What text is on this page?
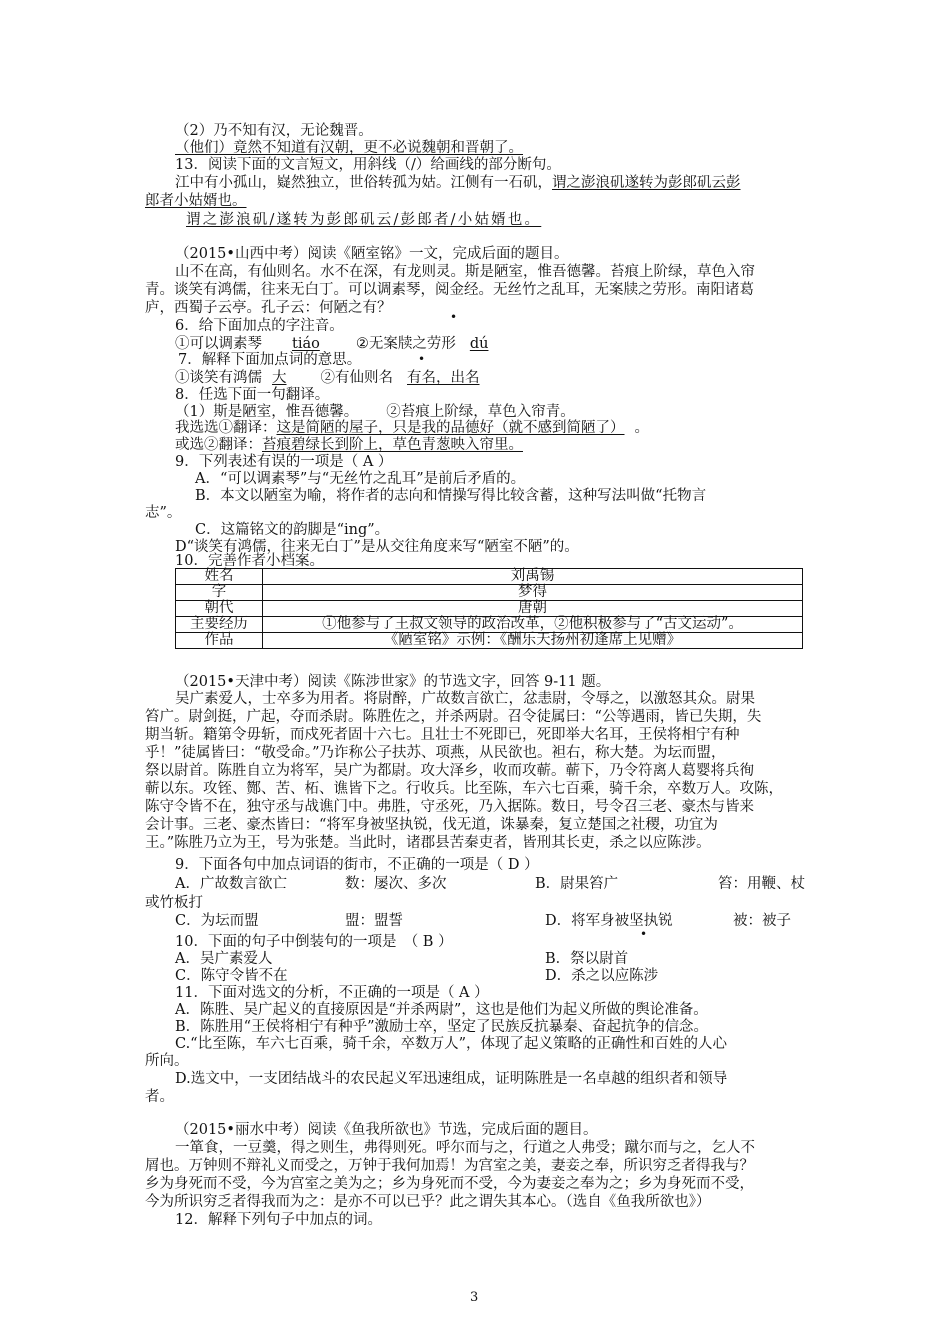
（2）乃不知有汉，无论魏晋。
（他们）竟然不知道有汉朝，更不必说魏朝和晋朝了。
13．阅读下面的文言短文，用斜线（/）给画线的部分断句。
江中有小孤山，嶷然独立，世俗转孤为姑。江侧有一石矶，谓之澎浪矶遂转为彭郎矶云彭
郎者小姑婿也。
谓之澎浪矶/遂转为彭郎矶云/彭郎者/小姑婿也。
（2015•山西中考）阅读《陋室铭》一文，完成后面的题目。
山不在高，有仙则名。水不在深，有龙则灵。斯是陋室，惟吾德馨。苔痕上阶绿，草色入帘
青。谈笑有鸿儒，往来无白丁。可以调素琴，阅金经。无丝竹之乱耳，无案牍之劳形。南阳诸葛
庐，西蜀子云亭。孔子云：何陋之有？
6．给下面加点的字注音。
•
①可以调素琴 tiáo ②无案牍之劳形 dú
7．解释下面加点词的意思。	•
①谈笑有鸿儒 大 ②有仙则名 有名，出名
8．任选下面一句翻译。
（1）斯是陋室，惟吾德馨。 ②苔痕上阶绿，草色入帘青。
我选选①翻译：这是简陋的屋子，只是我的品德好（就不感到简陋了） 。
或选②翻译：苔痕碧绿长到阶上，草色青葱映入帘里。
9．下列表述有误的一项是（ A ）
A．“可以调素琴”与“无丝竹之乱耳”是前后矛盾的。
B．本文以陋室为喻，将作者的志向和情操写得比较含蓄，这种写法叫做“托物言
志”。
C．这篇铭文的韵脚是“ing”。
D“谈笑有鸿儒，往来无白丁”是从交往角度来写“陋室不陋”的。
10．完善作者小档案。
姓名	刘禹锡
字	梦得
朝代	唐朝
主要经历	①他参与了王叔文领导的政治改革，②他积极参与了“古文运动”。
作品	《陋室铭》示例：《酬乐天扬州初逢席上见赠》
（2015•天津中考）阅读《陈涉世家》的节选文字，回答 9-11 题。
吴广素爱人，士卒多为用者。将尉醉，广故数言欲亡，忿恚尉，令辱之，以激怒其众。尉果
笞广。尉剑挺，广起，夺而杀尉。陈胜佐之，并杀两尉。召令徒属曰：“公等遇雨，皆已失期，失
期当斩。籍第令毋斩，而戍死者固十六七。且壮士不死即已，死即举大名耳，王侯将相宁有种
乎！”徒属皆曰：“敬受命。”乃诈称公子扶苏、项燕，从民欲也。袒右，称大楚。为坛而盟，
祭以尉首。陈胜自立为将军，吴广为都尉。攻大泽乡，收而攻蕲。蕲下，乃令符离人葛婴将兵徇
蕲以东。攻铚、酂、苦、柘、谯皆下之。行收兵。比至陈，车六七百乘，骑千余，卒数万人。攻陈，
陈守令皆不在，独守丞与战谯门中。弗胜，守丞死，乃入据陈。数日，号令召三老、豪杰与皆来
会计事。三老、豪杰皆曰：“将军身被坚执锐，伐无道，诛暴秦，复立楚国之社稷，功宜为
王。”陈胜乃立为王，号为张楚。当此时，诸郡县苦秦吏者，皆刑其长吏，杀之以应陈涉。
9．下面各句中加点词语的街市，不正确的一项是（ D ）
A．广故数言欲亡	数：屡次、多次	B．尉果笞广	笞：用鞭、杖
或竹板打
C．为坛而盟	盟：盟誓	D．将军身被坚执锐	被：被子
•
10．下面的句子中倒装句的一项是　（ B ）
A．吴广素爱人	B．祭以尉首
C．陈守令皆不在	D．杀之以应陈涉
11．下面对选文的分析，不正确的一项是（ A ）
A．陈胜、吴广起义的直接原因是“并杀两尉”，这也是他们为起义所做的舆论准备。
B．陈胜用“王侯将相宁有种乎”激励士卒，坚定了民族反抗暴秦、奋起抗争的信念。
C.“比至陈，车六七百乘，骑千余，卒数万人”，体现了起义策略的正确性和百姓的人心
所向。
D.选文中，一支团结战斗的农民起义军迅速组成，证明陈胜是一名卓越的组织者和领导
者。
（2015•丽水中考）阅读《鱼我所欲也》节选，完成后面的题目。
一箪食，一豆羹，得之则生，弗得则死。呼尔而与之，行道之人弗受；蹴尔而与之，乞人不
屑也。万钟则不辩礼义而受之，万钟于我何加焉！为宫室之美，妻妾之奉，所识穷乏者得我与？
乡为身死而不受，今为宫室之美为之；乡为身死而不受，今为妻妾之奉为之；乡为身死而不受，
今为所识穷乏者得我而为之：是亦不可以已乎？此之谓失其本心。（选自《鱼我所欲也》）
12．解释下列句子中加点的词。
3
